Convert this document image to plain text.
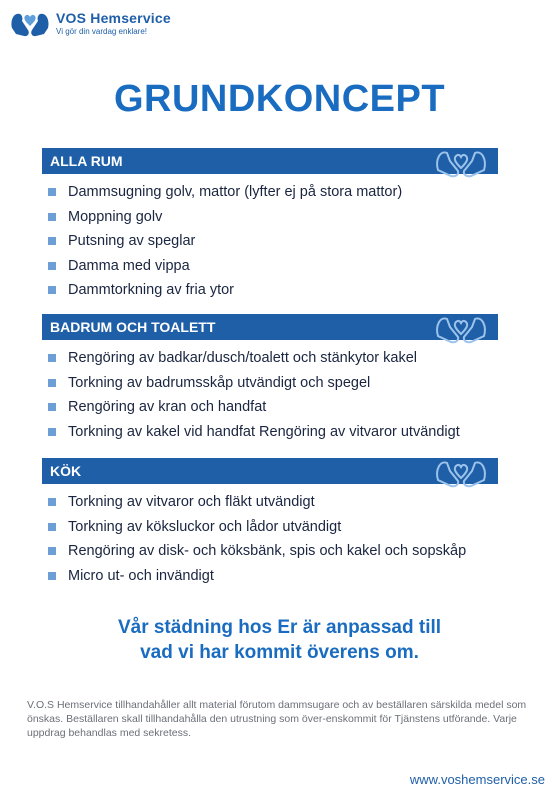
VOS Hemservice
Vi gör din vardag enklare!
GRUNDKONCEPT
ALLA RUM
Dammsugning golv, mattor (lyfter ej på stora mattor)
Moppning golv
Putsning av speglar
Damma med vippa
Dammtorkning av fria ytor
BADRUM OCH TOALETT
Rengöring av badkar/dusch/toalett och stänkytor kakel
Torkning av badrumsskåp utvändigt och spegel
Rengöring av kran och handfat
Torkning av kakel vid handfat Rengöring av vitvaror utvändigt
KÖK
Torkning av vitvaror och fläkt utvändigt
Torkning av köksluckor och lådor utvändigt
Rengöring av disk- och köksbänk, spis och kakel och sopskåp
Micro ut- och invändigt
Vår städning hos Er är anpassad till
vad vi har kommit överens om.
V.O.S Hemservice tillhandahåller allt material förutom dammsugare och av beställaren särskilda medel som önskas. Beställaren skall tillhandahålla den utrustning som över-enskommit för Tjänstens utförande. Varje uppdrag behandlas med sekretess.
www.voshemservice.se
